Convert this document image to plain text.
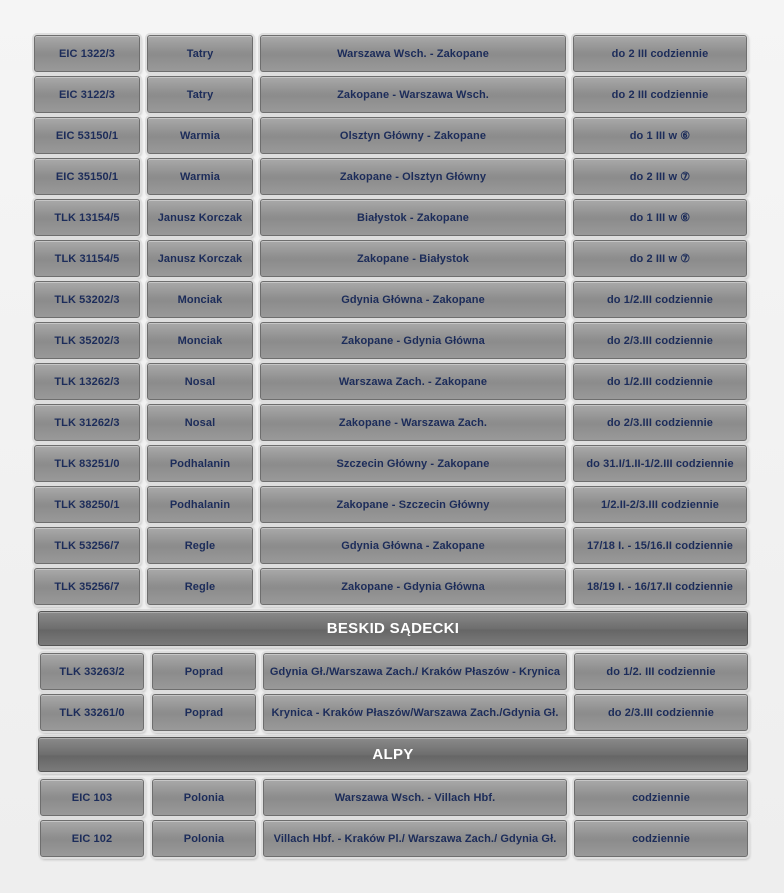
EIC 1322/3	Tatry	Warszawa Wsch. - Zakopane	do 2 III codziennie
EIC 3122/3	Tatry	Zakopane - Warszawa Wsch.	do 2 III codziennie
EIC 53150/1	Warmia	Olsztyn Główny - Zakopane	do 1 III w ⑥
EIC 35150/1	Warmia	Zakopane - Olsztyn Główny	do 2 III w ⑦
TLK 13154/5	Janusz Korczak	Białystok - Zakopane	do 1 III w ⑥
TLK 31154/5	Janusz Korczak	Zakopane - Białystok	do 2 III w ⑦
TLK 53202/3	Monciak	Gdynia Główna - Zakopane	do 1/2.III codziennie
TLK 35202/3	Monciak	Zakopane - Gdynia Główna	do 2/3.III codziennie
TLK 13262/3	Nosal	Warszawa Zach. - Zakopane	do 1/2.III codziennie
TLK 31262/3	Nosal	Zakopane - Warszawa Zach.	do 2/3.III codziennie
TLK 83251/0	Podhalanin	Szczecin Główny - Zakopane	do 31.I/1.II-1/2.III codziennie
TLK 38250/1	Podhalanin	Zakopane - Szczecin Główny	1/2.II-2/3.III codziennie
TLK 53256/7	Regle	Gdynia Główna - Zakopane	17/18 I. - 15/16.II codziennie
TLK 35256/7	Regle	Zakopane - Gdynia Główna	18/19 I. - 16/17.II codziennie
BESKID SĄDECKI
TLK 33263/2	Poprad	Gdynia Gł./Warszawa Zach./ Kraków Płaszów - Krynica	do 1/2. III codziennie
TLK 33261/0	Poprad	Krynica - Kraków Płaszów/Warszawa Zach./Gdynia Gł.	do 2/3.III codziennie
ALPY
EIC 103	Polonia	Warszawa Wsch. - Villach Hbf.	codziennie
EIC 102	Polonia	Villach Hbf. - Kraków Pl./ Warszawa Zach./ Gdynia Gł.	codziennie
